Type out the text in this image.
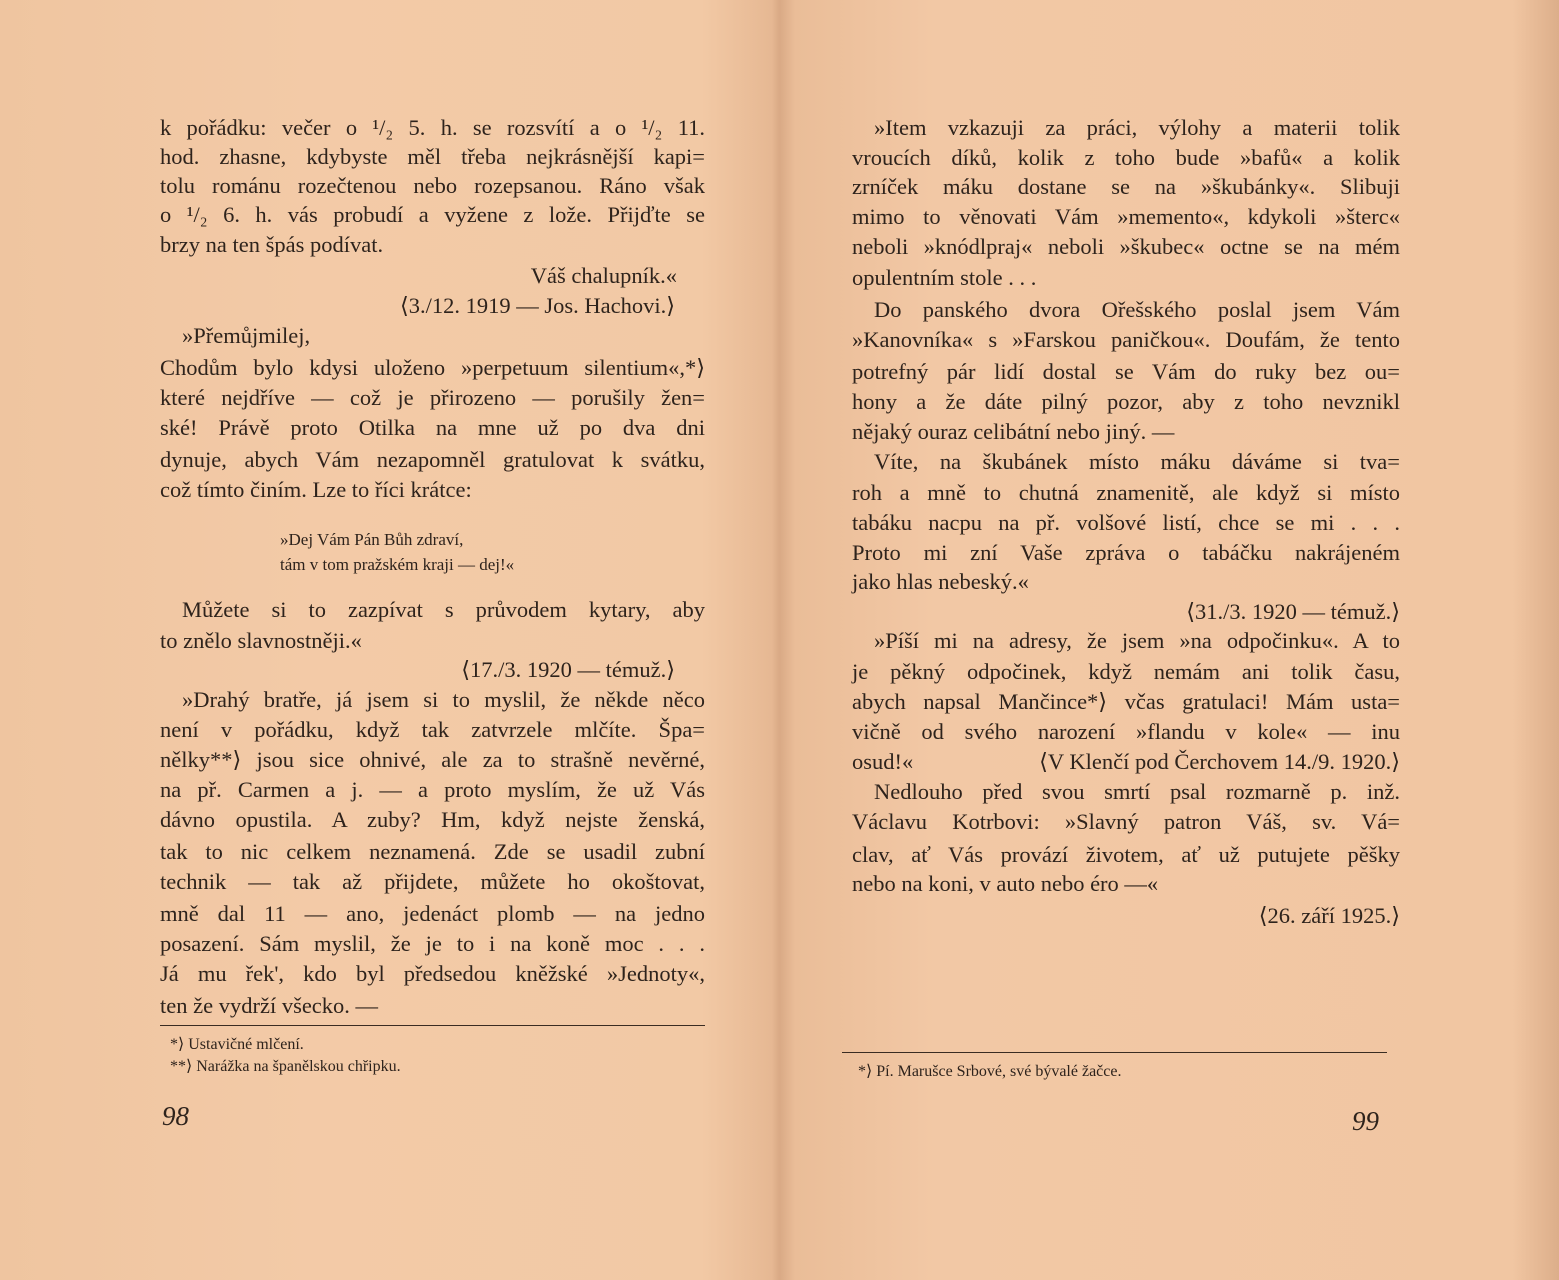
k pořádku: večer o ¹/₂ 5. h. se rozsvítí a o ¹/₂ 11.
hod. zhasne, kdybyste měl třeba nejkrásnější kapi=
tolu románu rozečtenou nebo rozepsanou. Ráno však
o ¹/₂ 6. h. vás probudí a vyžene z lože. Přijďte se
brzy na ten špás podívat.
Váš chalupník.«
⟨3./12. 1919 — Jos. Hachovi.⟩
»Přemůjmilej,
Chodům bylo kdysi uloženo »perpetuum silentium«,*⟩
které nejdříve — což je přirozeno — porušily žen=
ské! Právě proto Otilka na mne už po dva dni
dynuje, abych Vám nezapomněl gratulovat k svátku,
což tímto činím. Lze to říci krátce:
»Dej Vám Pán Bůh zdraví,
tám v tom pražském kraji — dej!«
Můžete si to zazpívat s průvodem kytary, aby
to znělo slavnostněji.«
⟨17./3. 1920 — témuž.⟩
»Drahý bratře, já jsem si to myslil, že někde něco
není v pořádku, když tak zatvrzele mlčíte. Špa=
nělky**⟩ jsou sice ohnivé, ale za to strašně nevěrné,
na př. Carmen a j. — a proto myslím, že už Vás
dávno opustila. A zuby? Hm, když nejste ženská,
tak to nic celkem neznamená. Zde se usadil zubní
technik — tak až přijdete, můžete ho okoštovat,
mně dal 11 — ano, jedenáct plomb — na jedno
posazení. Sám myslil, že je to i na koně moc . . .
Já mu řek', kdo byl předsedou kněžské »Jednoty«,
ten že vydrží všecko. —
*⟩ Ustavičné mlčení.
**⟩ Narážka na španělskou chřipku.
98
»Item vzkazuji za práci, výlohy a materii tolik
vroucích díků, kolik z toho bude »bafů« a kolik
zrníček máku dostane se na »škubánky«. Slibuji
mimo to věnovati Vám »memento«, kdykoli »šterc«
neboli »knódlpraj« neboli »škubec« octne se na mém
opulentním stole . . .
Do panského dvora Ořešského poslal jsem Vám
»Kanovníka« s »Farskou paničkou«. Doufám, že tento
potrefný pár lidí dostal se Vám do ruky bez ou=
hony a že dáte pilný pozor, aby z toho nevznikl
nějaký ouraz celibátní nebo jiný. —
Víte, na škubánek místo máku dáváme si tva=
roh a mně to chutná znamenitě, ale když si místo
tabáku nacpu na př. volšové listí, chce se mi . . .
Proto mi zní Vaše zpráva o tabáčku nakrájeném
jako hlas nebeský.«
⟨31./3. 1920 — témuž.⟩
»Píší mi na adresy, že jsem »na odpočinku«. A to
je pěkný odpočinek, když nemám ani tolik času,
abych napsal Mančince*⟩ včas gratulaci! Mám usta=
vičně od svého narození »flandu v kole« — inu
osud!«	⟨V Klenčí pod Čerchovem 14./9. 1920.⟩
Nedlouho před svou smrtí psal rozmarně p. inž.
Václavu Kotrbovi: »Slavný patron Váš, sv. Vá=
clav, ať Vás provází životem, ať už putujete pěšky
nebo na koni, v auto nebo éro —«
⟨26. září 1925.⟩
*⟩ Pí. Marušce Srbové, své bývalé žačce.
99
